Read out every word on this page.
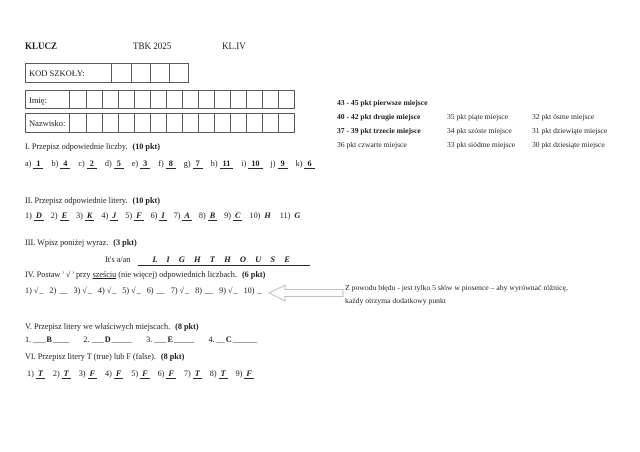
KLUCZ	TBK 2025	KL.IV
KOD SZKOŁY:
Imię:
Nazwisko:
43 - 45 pkt pierwsze miejsce
40 - 42 pkt drugie miejsce	35 pkt piąte miejsce	32 pkt ósme miejsce
37 - 39 pkt trzecie miejsce	34 pkt szóste miejsce	31 pkt dziewiąte miejsce
36 pkt czwarte miejsce	33 pkt siódme miejsce	30 pkt dziesiąte miejsce
I. Przepisz odpowiednie liczby. (10 pkt)
a) 1	b) 4	c) 2	d) 5	e) 3	f) 8	g) 7	h) 11	i) 10	j) 9	k) 6
II. Przepisz odpowiednie litery. (10 pkt)
1) D 2) E 3) K 4) J 5) F 6) I 7) A 8) B 9) C 10) H 11) G
III. Wpisz poniżej wyraz. (3 pkt)
It's a/an	L I G H T H O U S E
IV. Postaw ' √ ' przy sześciu (nie więcej) odpowiednich liczbach. (6 pkt)
1) √ _ 2) __ 3) √ _ 4) √ _ 5) √ _ 6) __ 7) √ _ 8) __ 9) √ _ 10) _	Z powodu błędu - jest tylko 5 słów w piosence – aby wyrównać różnicę, każdy otrzyma dodatkowy punkt
V. Przepisz litery we właściwych miejscach. (8 pkt)
1. ___ B ____ 2. ___ D _____ 3. ___ E _____ 4. __ C ______
VI. Przepisz litery T (true) lub F (false). (8 pkt)
1) T 2) T 3) F 4) F 5) F 6) F 7) T 8) T 9) F
